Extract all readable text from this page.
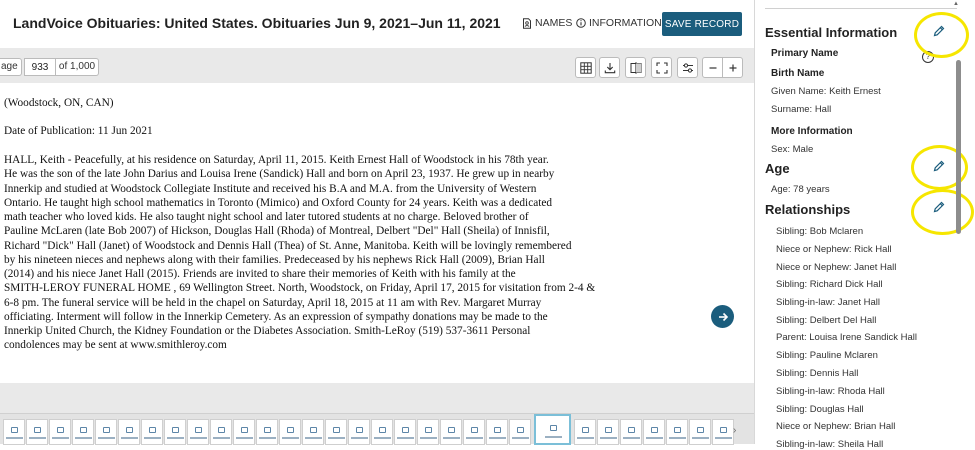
LandVoice Obituaries: United States. Obituaries Jun 9, 2021–Jun 11, 2021	NAMES INFORMATION SAVE RECORD
age
933	of 1,000
(Woodstock, ON, CAN)
Date of Publication: 11 Jun 2021
HALL, Keith - Peacefully, at his residence on Saturday, April 11, 2015. Keith Ernest Hall of Woodstock in his 78th year.
He was the son of the late John Darius and Louisa Irene (Sandick) Hall and born on April 23, 1937. He grew up in nearby
Innerkip and studied at Woodstock Collegiate Institute and received his B.A and M.A. from the University of Western
Ontario. He taught high school mathematics in Toronto (Mimico) and Oxford County for 24 years. Keith was a dedicated
math teacher who loved kids. He also taught night school and later tutored students at no charge. Beloved brother of
Pauline McLaren (late Bob 2007) of Hickson, Douglas Hall (Rhoda) of Montreal, Delbert "Del" Hall (Sheila) of Innisfil,
Richard "Dick" Hall (Janet) of Woodstock and Dennis Hall (Thea) of St. Anne, Manitoba. Keith will be lovingly remembered
by his nineteen nieces and nephews along with their families. Predeceased by his nephews Rick Hall (2009), Brian Hall
(2014) and his niece Janet Hall (2015). Friends are invited to share their memories of Keith with his family at the
SMITH-LEROY FUNERAL HOME , 69 Wellington Street. North, Woodstock, on Friday, April 17, 2015 for visitation from 2-4 &
6-8 pm. The funeral service will be held in the chapel on Saturday, April 18, 2015 at 11 am with Rev. Margaret Murray
officiating. Interment will follow in the Innerkip Cemetery. As an expression of sympathy donations may be made to the
Innerkip United Church, the Kidney Foundation or the Diabetes Association. Smith-LeRoy (519) 537-3611 Personal
condolences may be sent at www.smithleroy.com
›
Essential Information
Primary Name
Birth Name
Given Name: Keith Ernest
Surname: Hall
More Information
Sex: Male
Age
Age: 78 years
Relationships
Sibling: Bob Mclaren
Niece or Nephew: Rick Hall
Niece or Nephew: Janet Hall
Sibling: Richard Dick Hall
Sibling-in-law: Janet Hall
Sibling: Delbert Del Hall
Parent: Louisa Irene Sandick Hall
Sibling: Pauline Mclaren
Sibling: Dennis Hall
Sibling-in-law: Rhoda Hall
Sibling: Douglas Hall
Niece or Nephew: Brian Hall
Sibling-in-law: Sheila Hall
?
▲
